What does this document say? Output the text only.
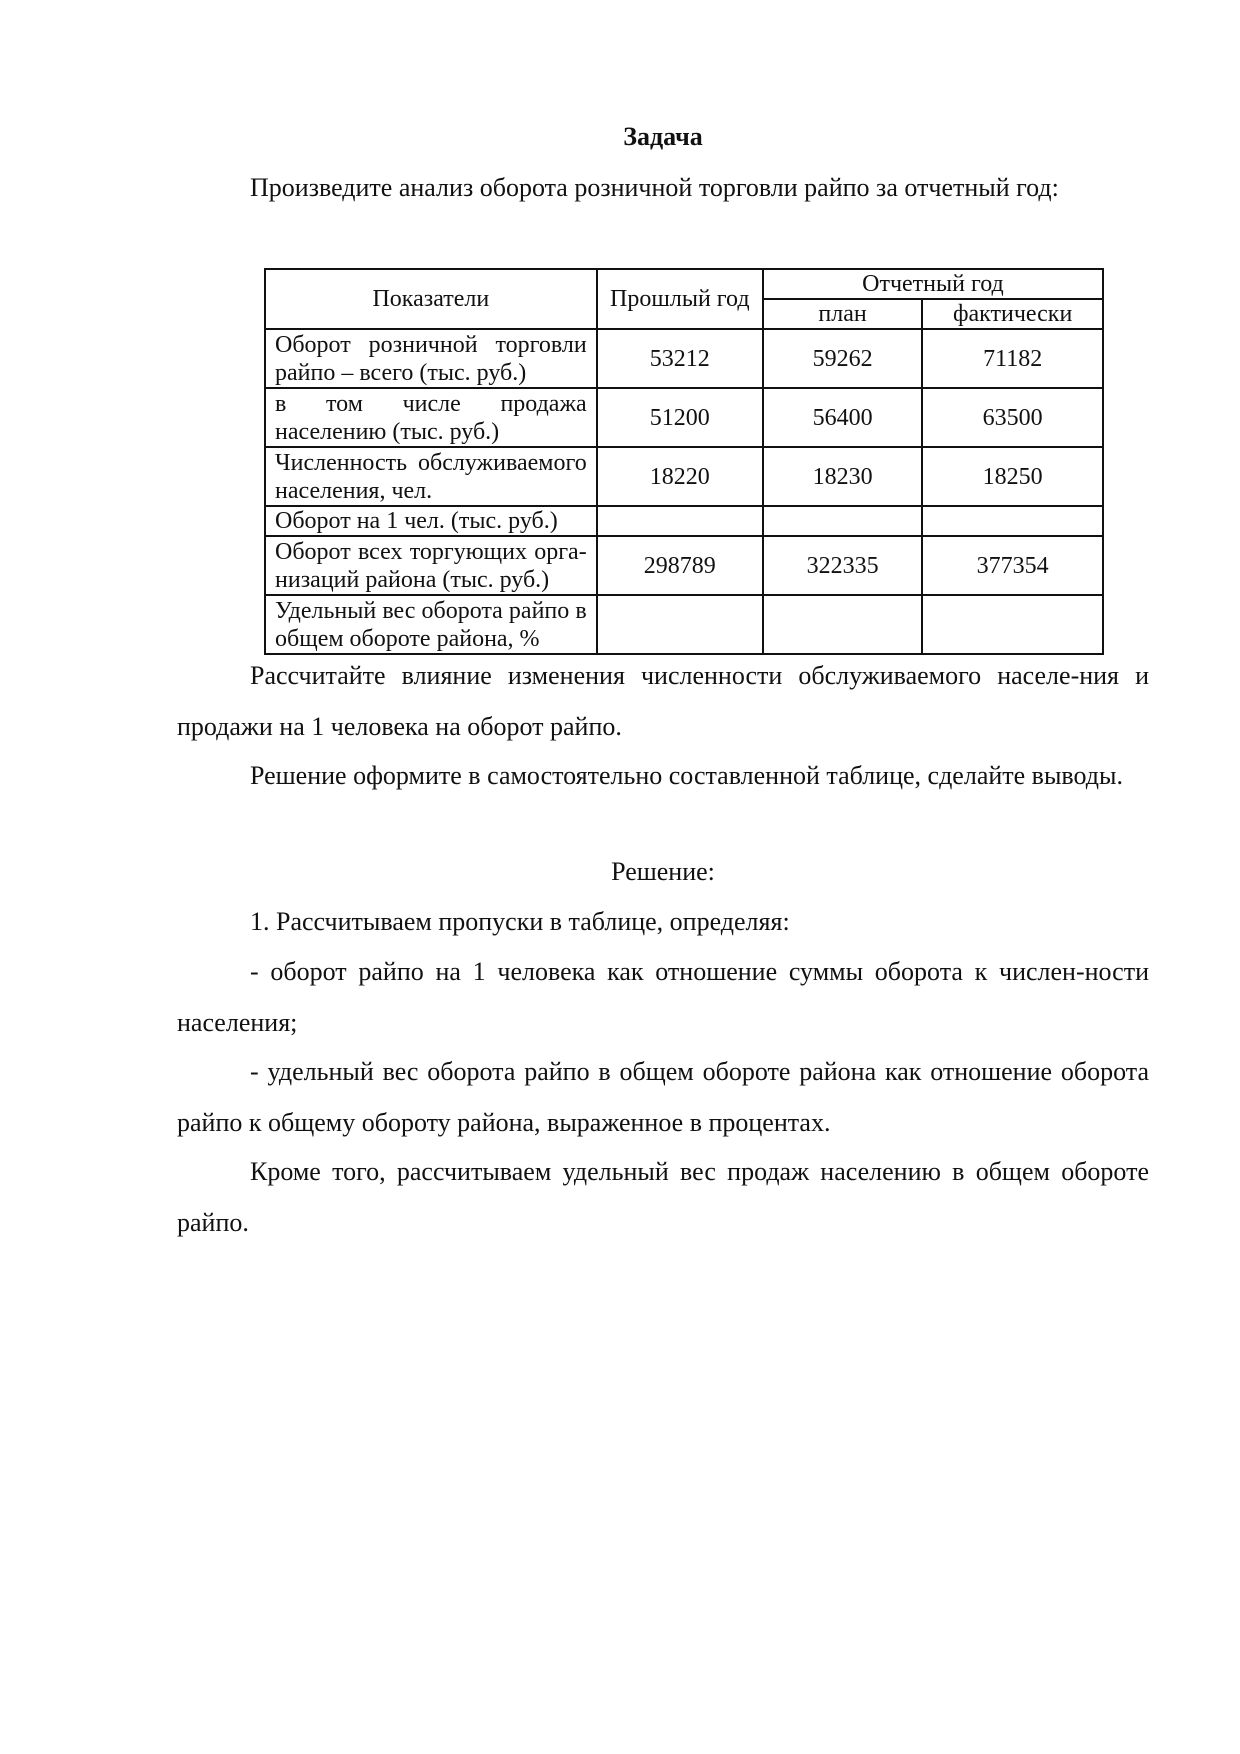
Задача
Произведите анализ оборота розничной торговли райпо за отчетный год:
Показатели	Прошлый год	Отчетный год	
		план	фактически
Оборот розничной торговли райпо – всего (тыс. руб.)	53212	59262	71182
в том числе продажа населению (тыс. руб.)	51200	56400	63500
Численность обслуживаемого населения, чел.	18220	18230	18250
Оборот на 1 чел. (тыс. руб.)			
Оборот всех торгующих орга-низаций района (тыс. руб.)	298789	322335	377354
Удельный вес оборота райпо в общем обороте района, %			
Рассчитайте влияние изменения численности обслуживаемого населе-ния и продажи на 1 человека на оборот райпо.
Решение оформите в самостоятельно составленной таблице, сделайте выводы.
Решение:
1. Рассчитываем пропуски в таблице, определяя:
- оборот райпо на 1 человека как отношение суммы оборота к числен-ности населения;
- удельный вес оборота райпо в общем обороте района как отношение оборота райпо к общему обороту района, выраженное в процентах.
Кроме того, рассчитываем удельный вес продаж населению в общем обороте райпо.
